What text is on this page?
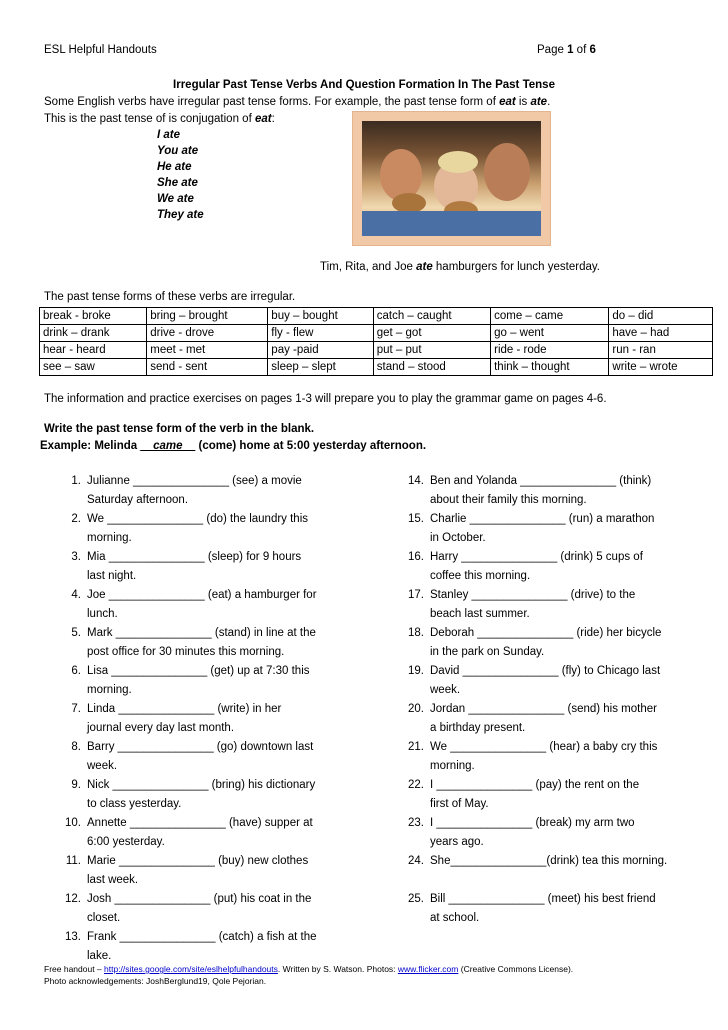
ESL Helpful Handouts	Page 1 of 6
Irregular Past Tense Verbs And Question Formation In The Past Tense
Some English verbs have irregular past tense forms. For example, the past tense form of eat is ate.
This is the past tense of is conjugation of eat:
I ate
You ate
He ate
She ate
We ate
They ate
Tim, Rita, and Joe ate hamburgers for lunch yesterday.
The past tense forms of these verbs are irregular.
break - broke	bring – brought	buy – bought	catch – caught	come – came	do – did
drink – drank	drive - drove	fly - flew	get – got	go – went	have – had
hear - heard	meet - met	pay -paid	put – put	ride - rode	run - ran
see – saw	send - sent	sleep – slept	stand – stood	think – thought	write – wrote
The information and practice exercises on pages 1-3 will prepare you to play the grammar game on pages 4-6.
Write the past tense form of the verb in the blank.
Example: Melinda __came__ (come) home at 5:00 yesterday afternoon.
1. Julianne _______________ (see) a movie
Saturday afternoon.
2. We _______________ (do) the laundry this
morning.
3. Mia _______________ (sleep) for 9 hours
last night.
4. Joe _______________ (eat) a hamburger for
lunch.
5. Mark _______________ (stand) in line at the
post office for 30 minutes this morning.
6. Lisa _______________ (get) up at 7:30 this
morning.
7. Linda _______________ (write) in her
journal every day last month.
8. Barry _______________ (go) downtown last
week.
9. Nick _______________ (bring) his dictionary
to class yesterday.
10. Annette _______________ (have) supper at
6:00 yesterday.
11. Marie _______________ (buy) new clothes
last week.
12. Josh _______________ (put) his coat in the
closet.
13. Frank _______________ (catch) a fish at the
lake.
14. Ben and Yolanda _______________ (think)
about their family this morning.
15. Charlie _______________ (run) a marathon
in October.
16. Harry _______________ (drink) 5 cups of
coffee this morning.
17. Stanley _______________ (drive) to the
beach last summer.
18. Deborah _______________ (ride) her bicycle
in the park on Sunday.
19. David _______________ (fly) to Chicago last
week.
20. Jordan _______________ (send) his mother
a birthday present.
21. We _______________ (hear) a baby cry this
morning.
22. I _______________ (pay) the rent on the
first of May.
23. I _______________ (break) my arm two
years ago.
24. She_______________(drink) tea this morning.

25. Bill _______________ (meet) his best friend
at school.
Free handout – http://sites.google.com/site/eslhelpfulhandouts. Written by S. Watson. Photos: www.flicker.com (Creative Commons License).
Photo acknowledgements: JoshBerglund19, Qole Pejorian.
